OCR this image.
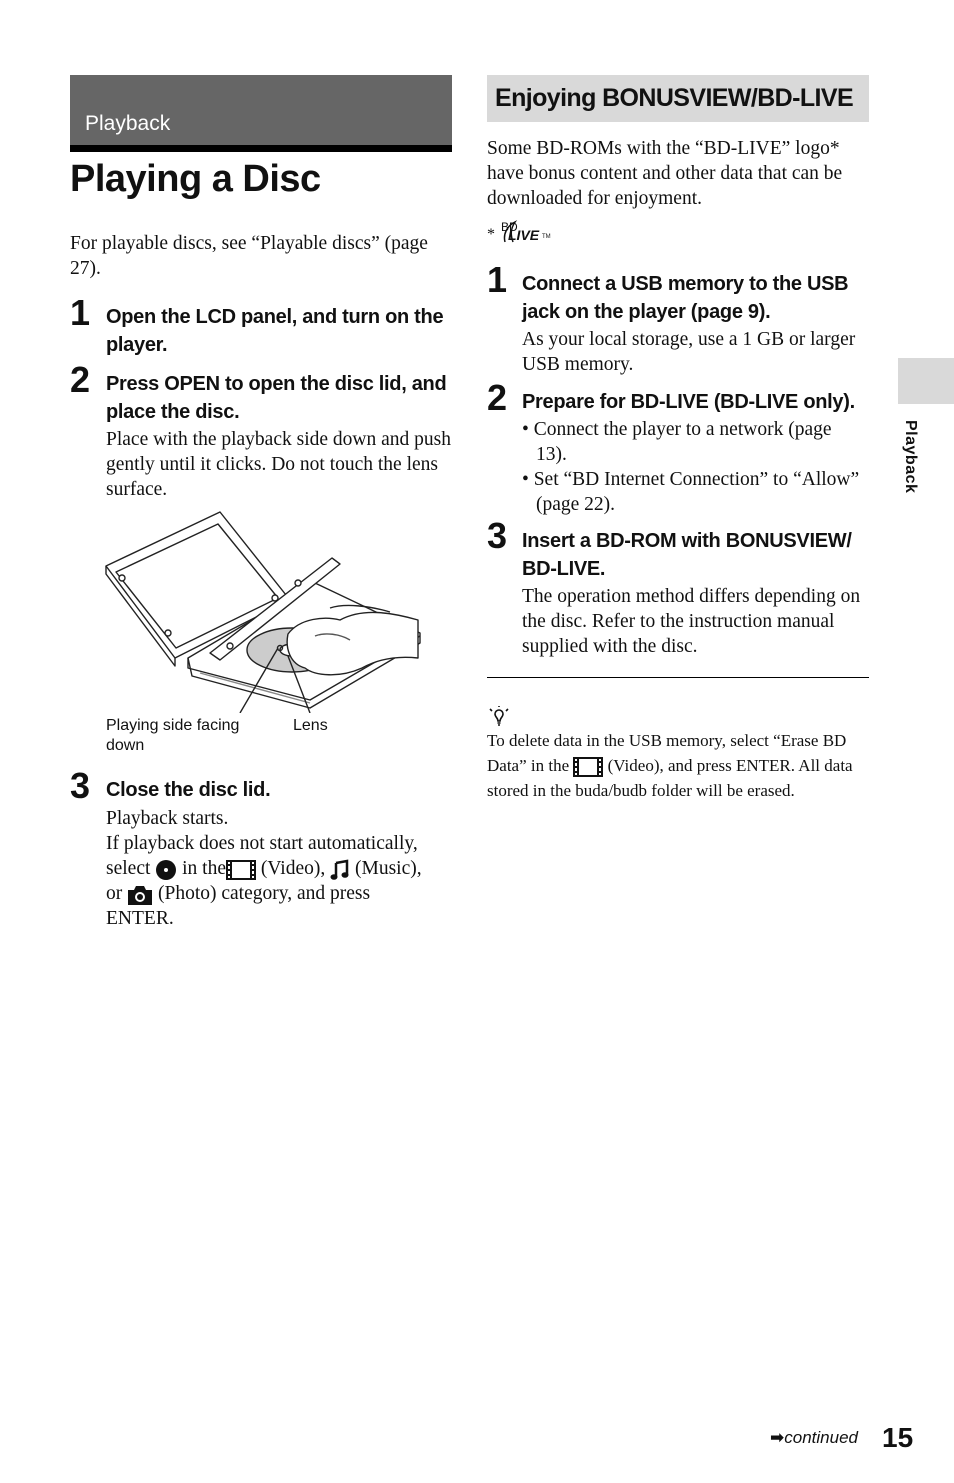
Playback
Playing a Disc
For playable discs, see “Playable discs” (page 27).
1 Open the LCD panel, and turn on the player.
2 Press OPEN to open the disc lid, and place the disc.
Place with the playback side down and push gently until it clicks. Do not touch the lens surface.
Playing side facing down
Lens
3 Close the disc lid.
Playback starts.
If playback does not start automatically,
select in the (Video), (Music),
or (Photo) category, and press
ENTER.
Enjoying BONUSVIEW/BD-LIVE
Some BD-ROMs with the “BD-LIVE” logo* have bonus content and other data that can be downloaded for enjoyment.
* BD
LIVE TM
1 Connect a USB memory to the USB jack on the player (page 9).
As your local storage, use a 1 GB or larger USB memory.
2 Prepare for BD-LIVE (BD-LIVE only).
• Connect the player to a network (page 13).
• Set “BD Internet Connection” to “Allow” (page 22).
3 Insert a BD-ROM with BONUSVIEW/ BD-LIVE.
The operation method differs depending on the disc. Refer to the instruction manual supplied with the disc.
To delete data in the USB memory, select “Erase BD Data” in the (Video), and press ENTER. All data stored in the buda/budb folder will be erased.
Playback
➡continued 15
